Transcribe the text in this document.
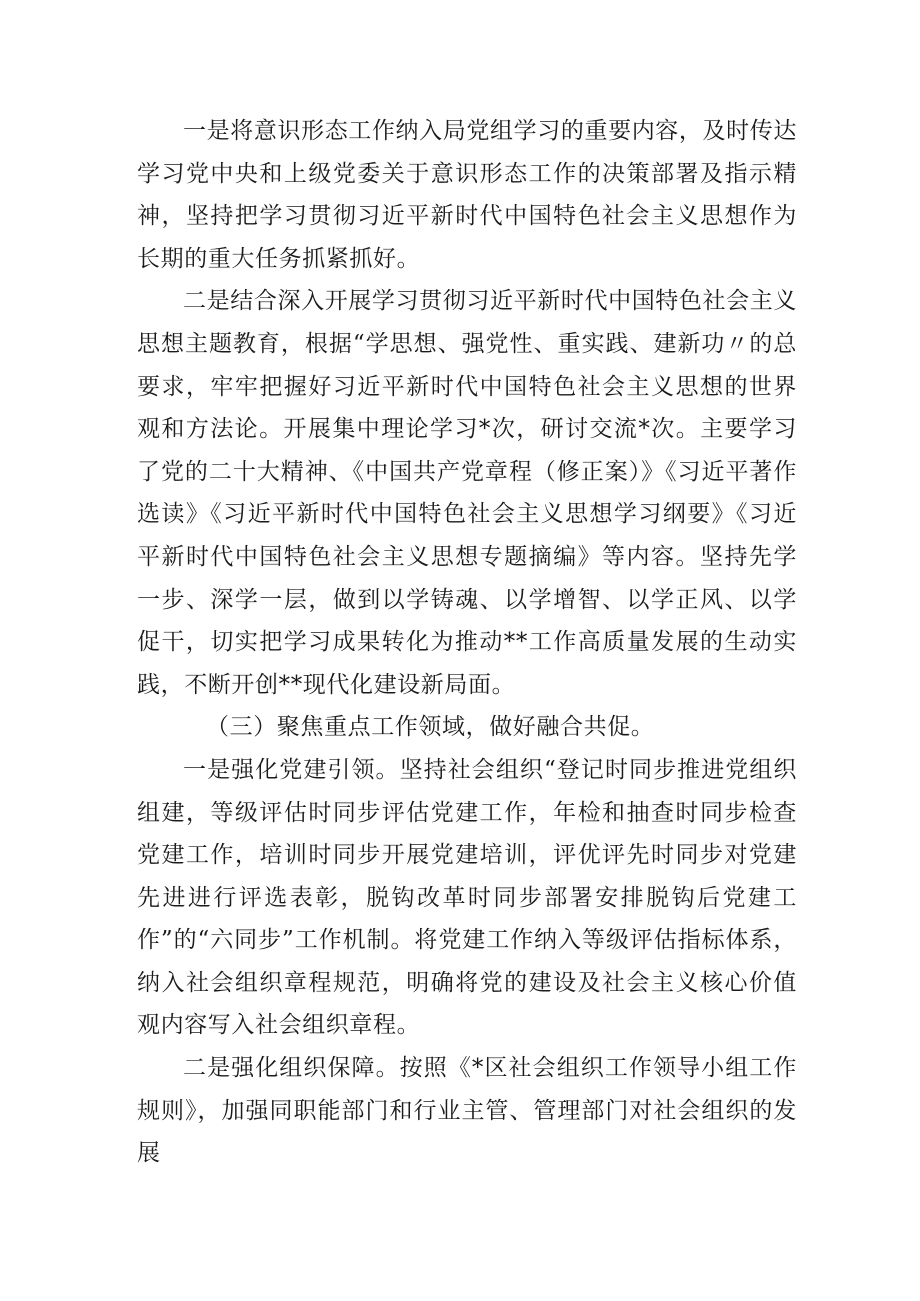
一是将意识形态工作纳入局党组学习的重要内容，及时传达学习党中央和上级党委关于意识形态工作的决策部署及指示精神，坚持把学习贯彻习近平新时代中国特色社会主义思想作为长期的重大任务抓紧抓好。

二是结合深入开展学习贯彻习近平新时代中国特色社会主义思想主题教育，根据“学思想、强党性、重实践、建新功〃的总要求，牢牢把握好习近平新时代中国特色社会主义思想的世界观和方法论。开展集中理论学习*次，研讨交流*次。主要学习了党的二十大精神、《中国共产党章程（修正案）》《习近平著作选读》《习近平新时代中国特色社会主义思想学习纲要》《习近平新时代中国特色社会主义思想专题摘编》等内容。坚持先学一步、深学一层，做到以学铸魂、以学增智、以学正风、以学促干，切实把学习成果转化为推动**工作高质量发展的生动实践，不断开创**现代化建设新局面。

（三）聚焦重点工作领域，做好融合共促。

一是强化党建引领。坚持社会组织“登记时同步推进党组织组建，等级评估时同步评估党建工作，年检和抽查时同步检查党建工作，培训时同步开展党建培训，评优评先时同步对党建先进进行评选表彰，脱钩改革时同步部署安排脱钩后党建工作”的“六同步”工作机制。将党建工作纳入等级评估指标体系，纳入社会组织章程规范，明确将党的建设及社会主义核心价值观内容写入社会组织章程。

二是强化组织保障。按照《*区社会组织工作领导小组工作规则》，加强同职能部门和行业主管、管理部门对社会组织的发展
